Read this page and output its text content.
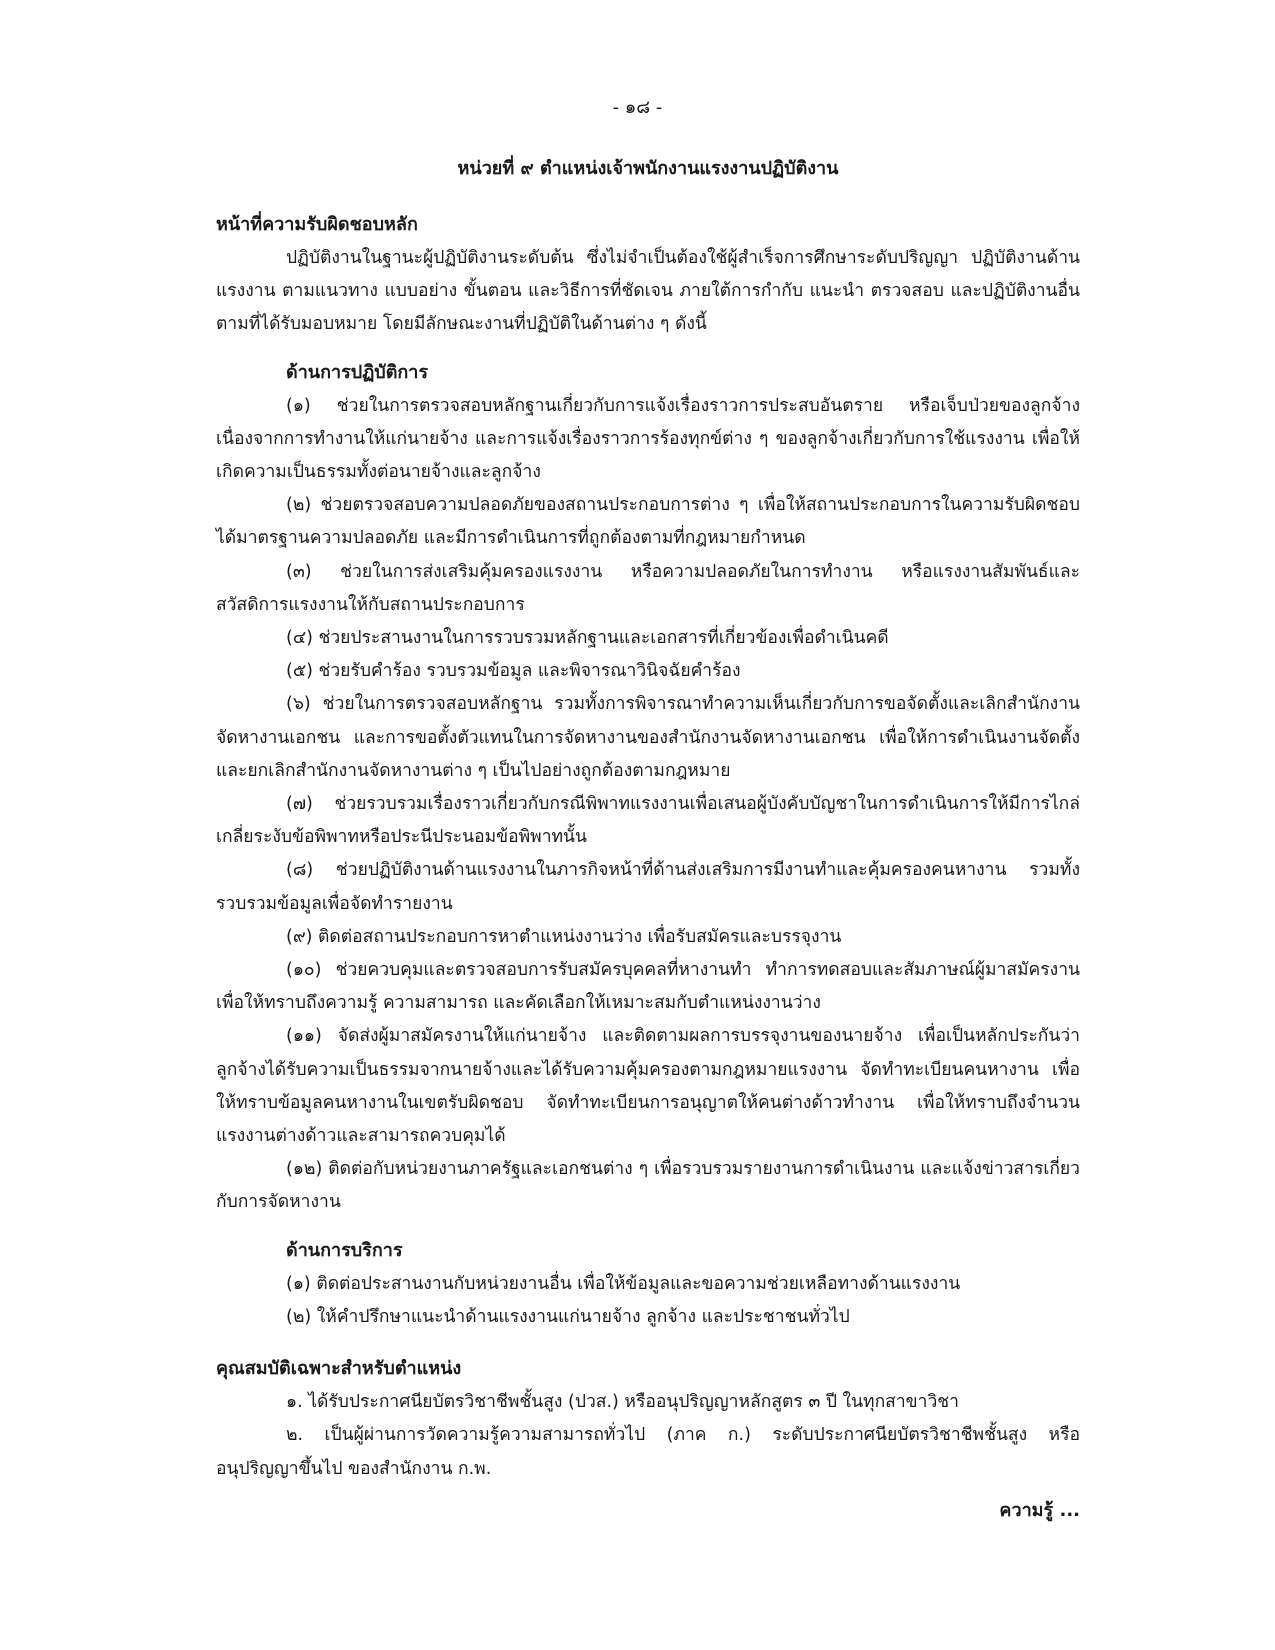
- ๑๘ -
หน่วยที่ ๙ ตำแหน่งเจ้าพนักงานแรงงานปฏิบัติงาน
หน้าที่ความรับผิดชอบหลัก

ปฏิบัติงานในฐานะผู้ปฏิบัติงานระดับต้น ซึ่งไม่จำเป็นต้องใช้ผู้สำเร็จการศึกษาระดับปริญญา ปฏิบัติงานด้านแรงงาน ตามแนวทาง แบบอย่าง ขั้นตอน และวิธีการที่ชัดเจน ภายใต้การกำกับ แนะนำ ตรวจสอบ และปฏิบัติงานอื่นตามที่ได้รับมอบหมาย โดยมีลักษณะงานที่ปฏิบัติในด้านต่าง ๆ ดังนี้

ด้านการปฏิบัติการ

(๑) ช่วยในการตรวจสอบหลักฐานเกี่ยวกับการแจ้งเรื่องราวการประสบอันตราย หรือเจ็บป่วยของลูกจ้างเนื่องจากการทำงานให้แก่นายจ้าง และการแจ้งเรื่องราวการร้องทุกข์ต่าง ๆ ของลูกจ้างเกี่ยวกับการใช้แรงงาน เพื่อให้เกิดความเป็นธรรมทั้งต่อนายจ้างและลูกจ้าง

(๒) ช่วยตรวจสอบความปลอดภัยของสถานประกอบการต่าง ๆ เพื่อให้สถานประกอบการในความรับผิดชอบได้มาตรฐานความปลอดภัย และมีการดำเนินการที่ถูกต้องตามที่กฎหมายกำหนด

(๓) ช่วยในการส่งเสริมคุ้มครองแรงงาน หรือความปลอดภัยในการทำงาน หรือแรงงานสัมพันธ์และสวัสดิการแรงงานให้กับสถานประกอบการ

(๔) ช่วยประสานงานในการรวบรวมหลักฐานและเอกสารที่เกี่ยวข้องเพื่อดำเนินคดี

(๕) ช่วยรับคำร้อง รวบรวมข้อมูล และพิจารณาวินิจฉัยคำร้อง

(๖) ช่วยในการตรวจสอบหลักฐาน รวมทั้งการพิจารณาทำความเห็นเกี่ยวกับการขอจัดตั้งและเลิกสำนักงานจัดหางานเอกชน และการขอตั้งตัวแทนในการจัดหางานของสำนักงานจัดหางานเอกชน เพื่อให้การดำเนินงานจัดตั้งและยกเลิกสำนักงานจัดหางานต่าง ๆ เป็นไปอย่างถูกต้องตามกฎหมาย

(๗) ช่วยรวบรวมเรื่องราวเกี่ยวกับกรณีพิพาทแรงงานเพื่อเสนอผู้บังคับบัญชาในการดำเนินการให้มีการไกล่เกลี่ยระงับข้อพิพาทหรือประนีประนอมข้อพิพาทนั้น

(๘) ช่วยปฏิบัติงานด้านแรงงานในภารกิจหน้าที่ด้านส่งเสริมการมีงานทำและคุ้มครองคนหางาน รวมทั้งรวบรวมข้อมูลเพื่อจัดทำรายงาน

(๙) ติดต่อสถานประกอบการหาตำแหน่งงานว่าง เพื่อรับสมัครและบรรจุงาน

(๑๐) ช่วยควบคุมและตรวจสอบการรับสมัครบุคคลที่หางานทำ ทำการทดสอบและสัมภาษณ์ผู้มาสมัครงานเพื่อให้ทราบถึงความรู้ ความสามารถ และคัดเลือกให้เหมาะสมกับตำแหน่งงานว่าง

(๑๑) จัดส่งผู้มาสมัครงานให้แก่นายจ้าง และติดตามผลการบรรจุงานของนายจ้าง เพื่อเป็นหลักประกันว่าลูกจ้างได้รับความเป็นธรรมจากนายจ้างและได้รับความคุ้มครองตามกฎหมายแรงงาน จัดทำทะเบียนคนหางาน เพื่อให้ทราบข้อมูลคนหางานในเขตรับผิดชอบ จัดทำทะเบียนการอนุญาตให้คนต่างด้าวทำงาน เพื่อให้ทราบถึงจำนวนแรงงานต่างด้าวและสามารถควบคุมได้

(๑๒) ติดต่อกับหน่วยงานภาครัฐและเอกชนต่าง ๆ เพื่อรวบรวมรายงานการดำเนินงาน และแจ้งข่าวสารเกี่ยวกับการจัดหางาน

ด้านการบริการ

(๑) ติดต่อประสานงานกับหน่วยงานอื่น เพื่อให้ข้อมูลและขอความช่วยเหลือทางด้านแรงงาน

(๒) ให้คำปรึกษาแนะนำด้านแรงงานแก่นายจ้าง ลูกจ้าง และประชาชนทั่วไป

คุณสมบัติเฉพาะสำหรับตำแหน่ง

๑. ได้รับประกาศนียบัตรวิชาชีพชั้นสูง (ปวส.) หรืออนุปริญญาหลักสูตร ๓ ปี ในทุกสาขาวิชา

๒. เป็นผู้ผ่านการวัดความรู้ความสามารถทั่วไป (ภาค ก.) ระดับประกาศนียบัตรวิชาชีพชั้นสูง หรืออนุปริญญาขึ้นไป ของสำนักงาน ก.พ.

ความรู้ ...
